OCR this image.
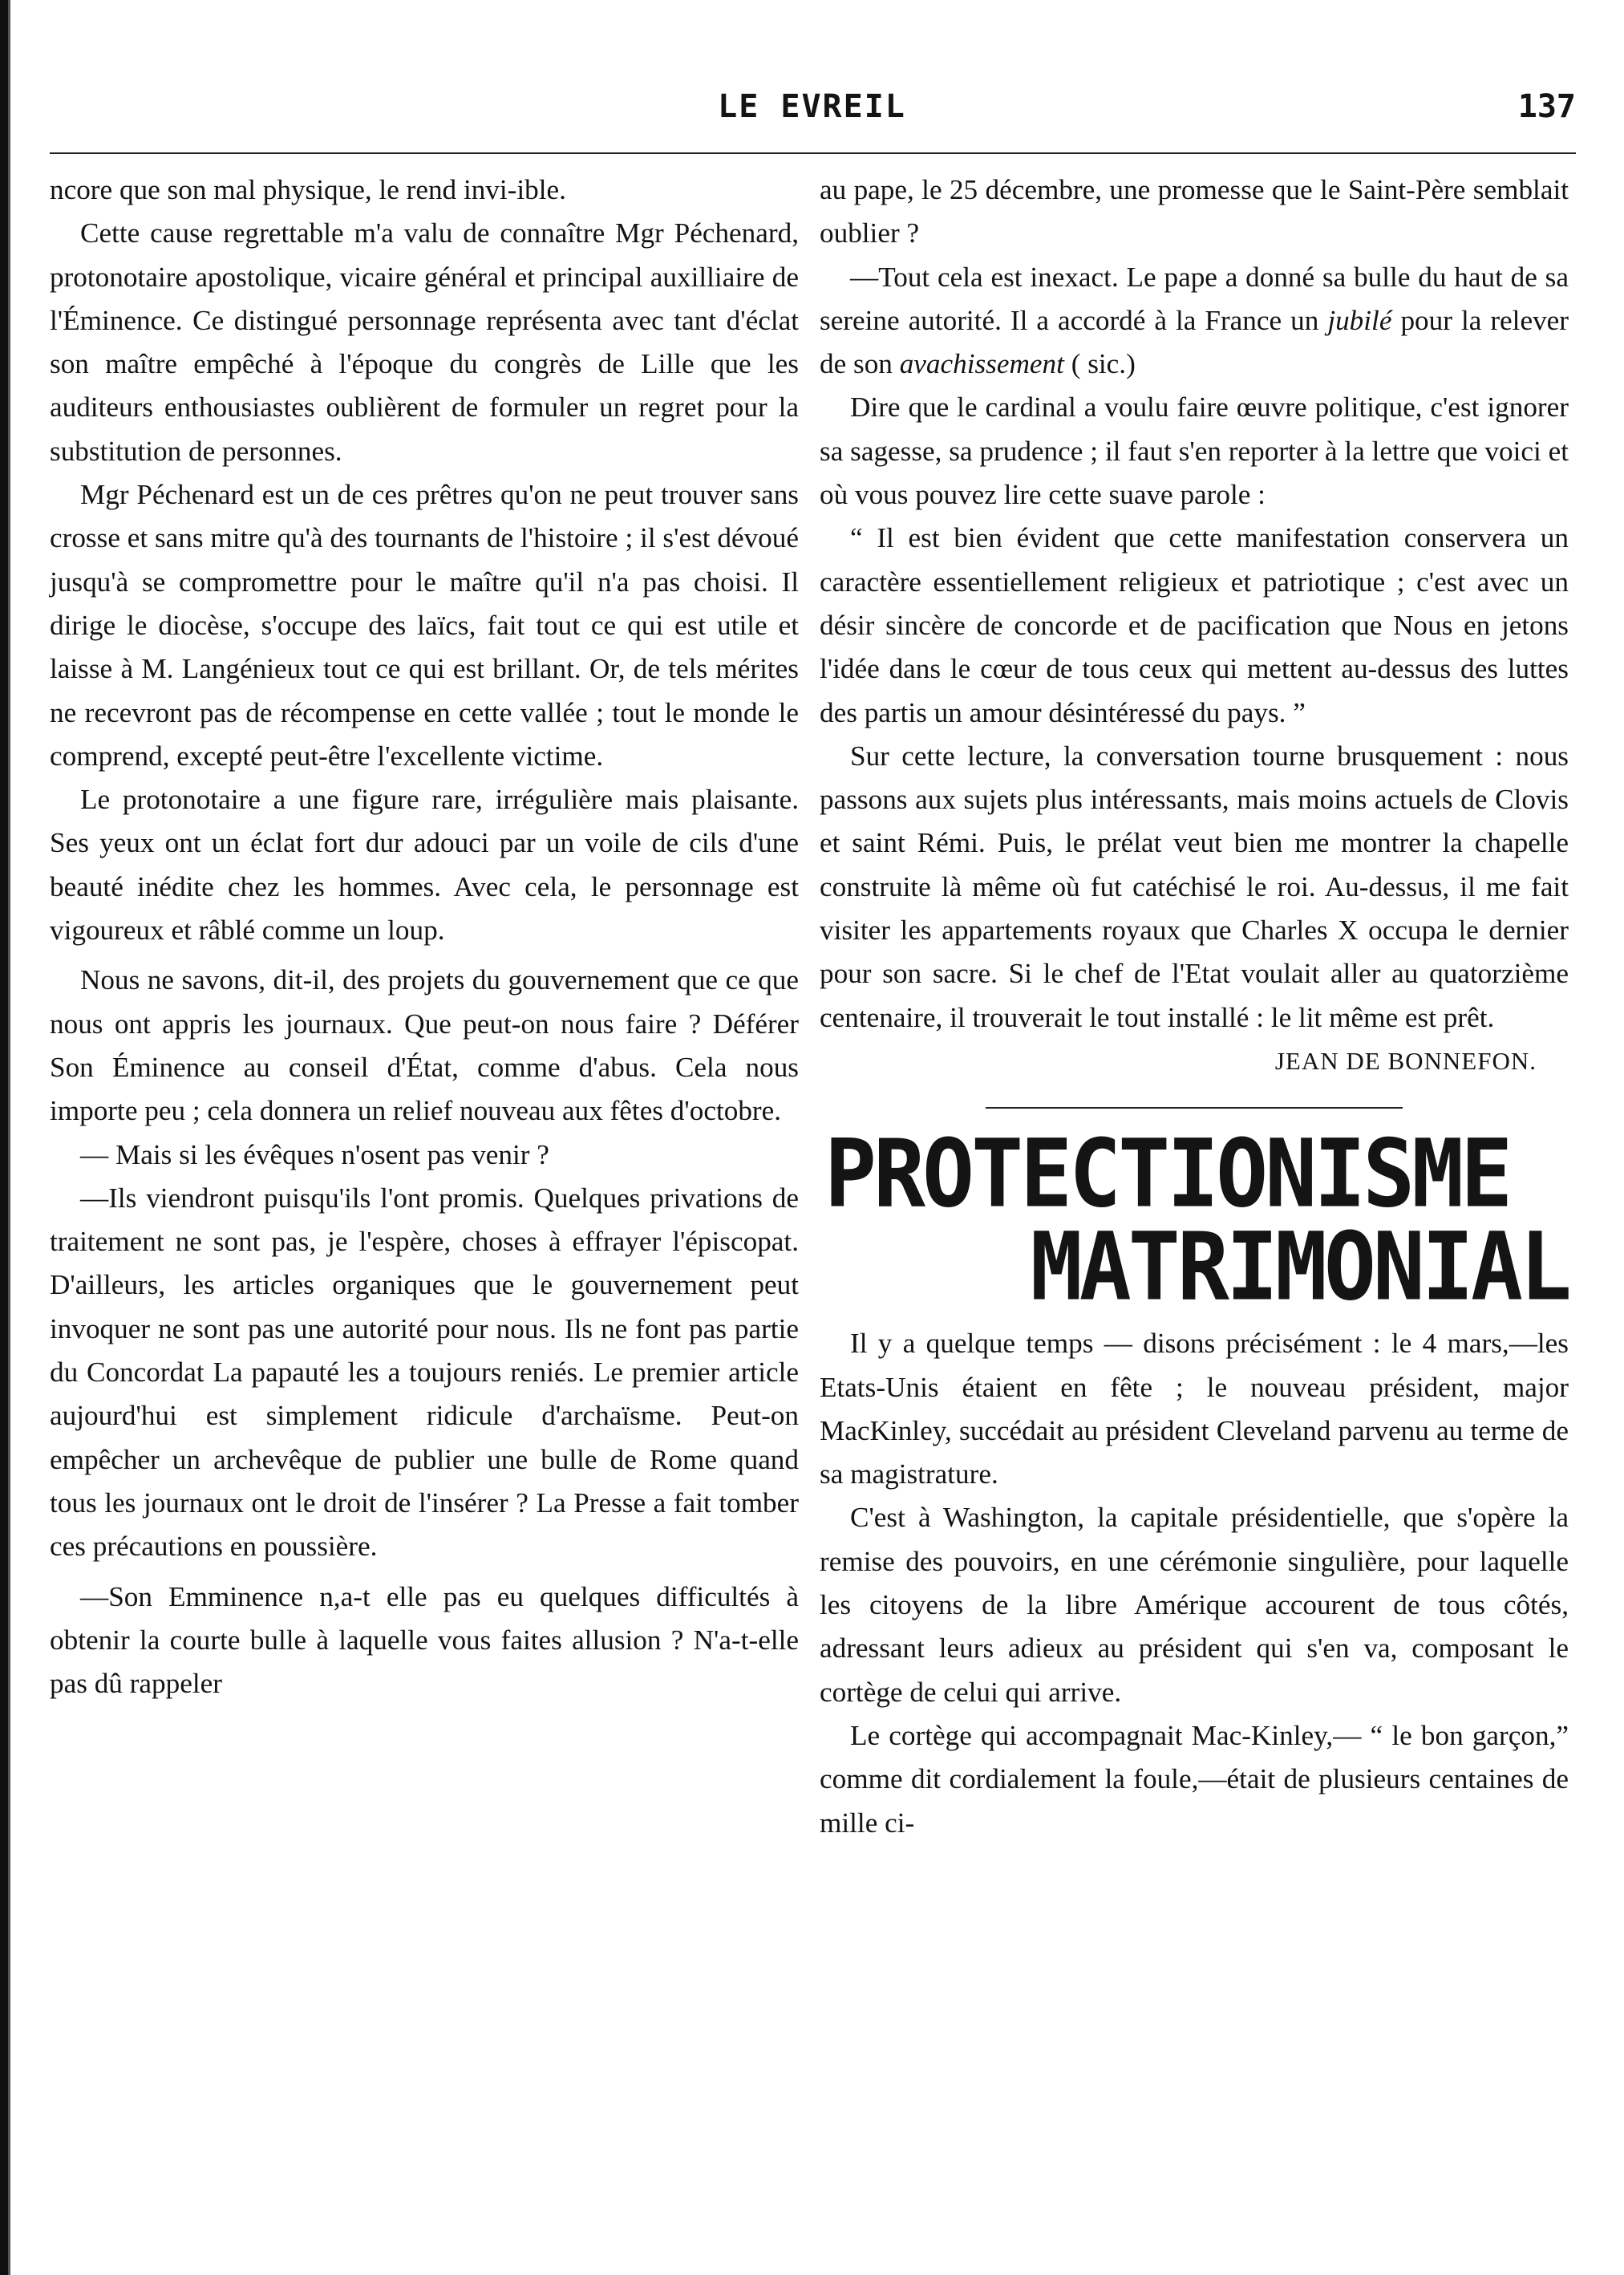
LE EVREIL	137

ncore que son mal physique, le rend invi-ible.

Cette cause regrettable m'a valu de connaître Mgr Péchenard, protonotaire apostolique, vicaire général et principal auxilliaire de l'Éminence. Ce distingué personnage représenta avec tant d'éclat son maître empêché à l'époque du congrès de Lille que les auditeurs enthousiastes oublièrent de formuler un regret pour la substitution de personnes.

Mgr Péchenard est un de ces prêtres qu'on ne peut trouver sans crosse et sans mitre qu'à des tournants de l'histoire ; il s'est dévoué jusqu'à se compromettre pour le maître qu'il n'a pas choisi. Il dirige le diocèse, s'occupe des laïcs, fait tout ce qui est utile et laisse à M. Langénieux tout ce qui est brillant. Or, de tels mérites ne recevront pas de récompense en cette vallée ; tout le monde le comprend, excepté peut-être l'excellente victime.

Le protonotaire a une figure rare, irrégulière mais plaisante. Ses yeux ont un éclat fort dur adouci par un voile de cils d'une beauté inédite chez les hommes. Avec cela, le personnage est vigoureux et râblé comme un loup.

Nous ne savons, dit-il, des projets du gouvernement que ce que nous ont appris les journaux. Que peut-on nous faire ? Déférer Son Éminence au conseil d'État, comme d'abus. Cela nous importe peu ; cela donnera un relief nouveau aux fêtes d'octobre.

— Mais si les évêques n'osent pas venir ?

—Ils viendront puisqu'ils l'ont promis. Quelques privations de traitement ne sont pas, je l'espère, choses à effrayer l'épiscopat. D'ailleurs, les articles organiques que le gouvernement peut invoquer ne sont pas une autorité pour nous. Ils ne font pas partie du Concordat La papauté les a toujours reniés. Le premier article aujourd'hui est simplement ridicule d'archaïsme. Peut-on empêcher un archevêque de publier une bulle de Rome quand tous les journaux ont le droit de l'insérer ? La Presse a fait tomber ces précautions en poussière.

—Son Emminence n,a-t elle pas eu quelques difficultés à obtenir la courte bulle à laquelle vous faites allusion ? N'a-t-elle pas dû rappeler

au pape, le 25 décembre, une promesse que le Saint-Père semblait oublier ?

—Tout cela est inexact. Le pape a donné sa bulle du haut de sa sereine autorité. Il a accordé à la France un jubilé pour la relever de son avachissement ( sic.)

Dire que le cardinal a voulu faire œuvre politique, c'est ignorer sa sagesse, sa prudence ; il faut s'en reporter à la lettre que voici et où vous pouvez lire cette suave parole :

“ Il est bien évident que cette manifestation conservera un caractère essentiellement religieux et patriotique ; c'est avec un désir sincère de concorde et de pacification que Nous en jetons l'idée dans le cœur de tous ceux qui mettent au-dessus des luttes des partis un amour désintéressé du pays. ”

Sur cette lecture, la conversation tourne brusquement : nous passons aux sujets plus intéressants, mais moins actuels de Clovis et saint Rémi. Puis, le prélat veut bien me montrer la chapelle construite là même où fut catéchisé le roi. Au-dessus, il me fait visiter les appartements royaux que Charles X occupa le dernier pour son sacre. Si le chef de l'Etat voulait aller au quatorzième centenaire, il trouverait le tout installé : le lit même est prêt.

JEAN DE BONNEFON.

PROTECTIONISME
MATRIMONIAL

Il y a quelque temps — disons précisément : le 4 mars,—les Etats-Unis étaient en fête ; le nouveau président, major MacKinley, succédait au président Cleveland parvenu au terme de sa magistrature.

C'est à Washington, la capitale présidentielle, que s'opère la remise des pouvoirs, en une cérémonie singulière, pour laquelle les citoyens de la libre Amérique accourent de tous côtés, adressant leurs adieux au président qui s'en va, composant le cortège de celui qui arrive.

Le cortège qui accompagnait Mac-Kinley,— “ le bon garçon,” comme dit cordialement la foule,—était de plusieurs centaines de mille ci-
